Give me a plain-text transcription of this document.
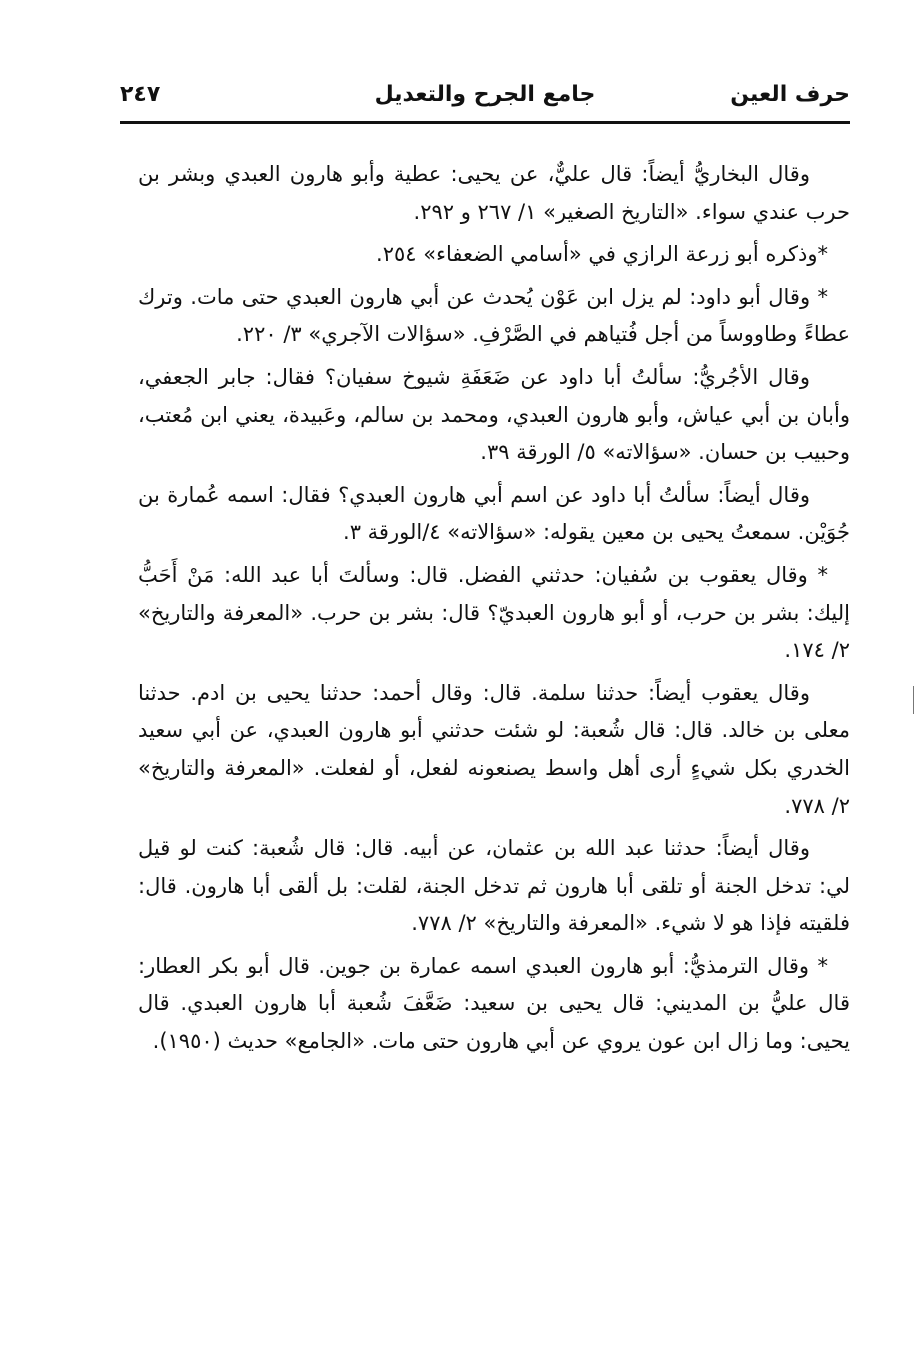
حرف العين
جامع الجرح والتعديل
٢٤٧

وقال البخاريُّ أيضاً: قال عليٌّ، عن يحيى: عطية وأبو هارون العبدي وبشر بن حرب عندي سواء. «التاريخ الصغير» ١/ ٢٦٧ و ٢٩٢.

*وذكره أبو زرعة الرازي في «أسامي الضعفاء» ٢٥٤.

* وقال أبو داود: لم يزل ابن عَوْن يُحدث عن أبي هارون العبدي حتى مات. وترك عطاءً وطاووساً من أجل فُتياهم في الصَّرْفِ. «سؤالات الآجري» ٣/ ٢٢٠.

وقال الأجُريُّ: سألتُ أبا داود عن ضَعَفَةِ شيوخ سفيان؟ فقال: جابر الجعفي، وأبان بن أبي عياش، وأبو هارون العبدي، ومحمد بن سالم، وعَبيدة، يعني ابن مُعتب، وحبيب بن حسان. «سؤالاته» ٥/ الورقة ٣٩.

وقال أيضاً: سألتُ أبا داود عن اسم أبي هارون العبدي؟ فقال: اسمه عُمارة بن جُوَيْن. سمعتُ يحيى بن معين يقوله: «سؤالاته» ٤/الورقة ٣.

* وقال يعقوب بن سُفيان: حدثني الفضل. قال: وسألتَ أبا عبد الله: مَنْ أَحَبُّ إليك: بشر بن حرب، أو أبو هارون العبديّ؟ قال: بشر بن حرب. «المعرفة والتاريخ» ٢/ ١٧٤.

وقال يعقوب أيضاً: حدثنا سلمة. قال: وقال أحمد: حدثنا يحيى بن ادم. حدثنا معلى بن خالد. قال: قال شُعبة: لو شئت حدثني أبو هارون العبدي، عن أبي سعيد الخدري بكل شيءٍ أرى أهل واسط يصنعونه لفعل، أو لفعلت. «المعرفة والتاريخ» ٢/ ٧٧٨.

وقال أيضاً: حدثنا عبد الله بن عثمان، عن أبيه. قال: قال شُعبة: كنت لو قيل لي: تدخل الجنة أو تلقى أبا هارون ثم تدخل الجنة، لقلت: بل ألقى أبا هارون. قال: فلقيته فإذا هو لا شيء. «المعرفة والتاريخ» ٢/ ٧٧٨.

* وقال الترمذيُّ: أبو هارون العبدي اسمه عمارة بن جوين. قال أبو بكر العطار: قال عليُّ بن المديني: قال يحيى بن سعيد: ضَعَّفَ شُعبة أبا هارون العبدي. قال يحيى: وما زال ابن عون يروي عن أبي هارون حتى مات. «الجامع» حديث (١٩٥٠).
